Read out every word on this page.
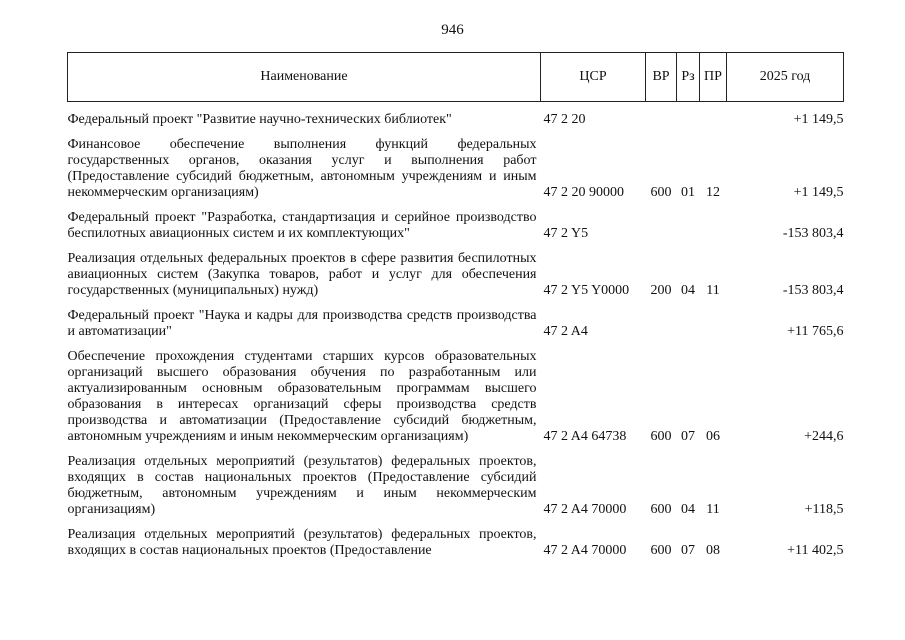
946
Наименование	ЦСР	ВР	Рз	ПР	2025 год
Федеральный проект "Развитие научно-технических библиотек"	47 2 20				+1 149,5
Финансовое обеспечение выполнения функций федеральных государственных органов, оказания услуг и выполнения работ (Предоставление субсидий бюджетным, автономным учреждениям и иным некоммерческим организациям)	47 2 20 90000	600	01	12	+1 149,5
Федеральный проект "Разработка, стандартизация и серийное производство беспилотных авиационных систем и их комплектующих"	47 2 Y5				-153 803,4
Реализация отдельных федеральных проектов в сфере развития беспилотных авиационных систем (Закупка товаров, работ и услуг для обеспечения государственных (муниципальных) нужд)	47 2 Y5 Y0000	200	04	11	-153 803,4
Федеральный проект "Наука и кадры для производства средств производства и автоматизации"	47 2 A4				+11 765,6
Обеспечение прохождения студентами старших курсов образовательных организаций высшего образования обучения по разработанным или актуализированным основным образовательным программам высшего образования в интересах организаций сферы производства средств производства и автоматизации (Предоставление субсидий бюджетным, автономным учреждениям и иным некоммерческим организациям)	47 2 A4 64738	600	07	06	+244,6
Реализация отдельных мероприятий (результатов) федеральных проектов, входящих в состав национальных проектов (Предоставление субсидий бюджетным, автономным учреждениям и иным некоммерческим организациям)	47 2 A4 70000	600	04	11	+118,5
Реализация отдельных мероприятий (результатов) федеральных проектов, входящих в состав национальных проектов (Предоставление	47 2 A4 70000	600	07	08	+11 402,5
